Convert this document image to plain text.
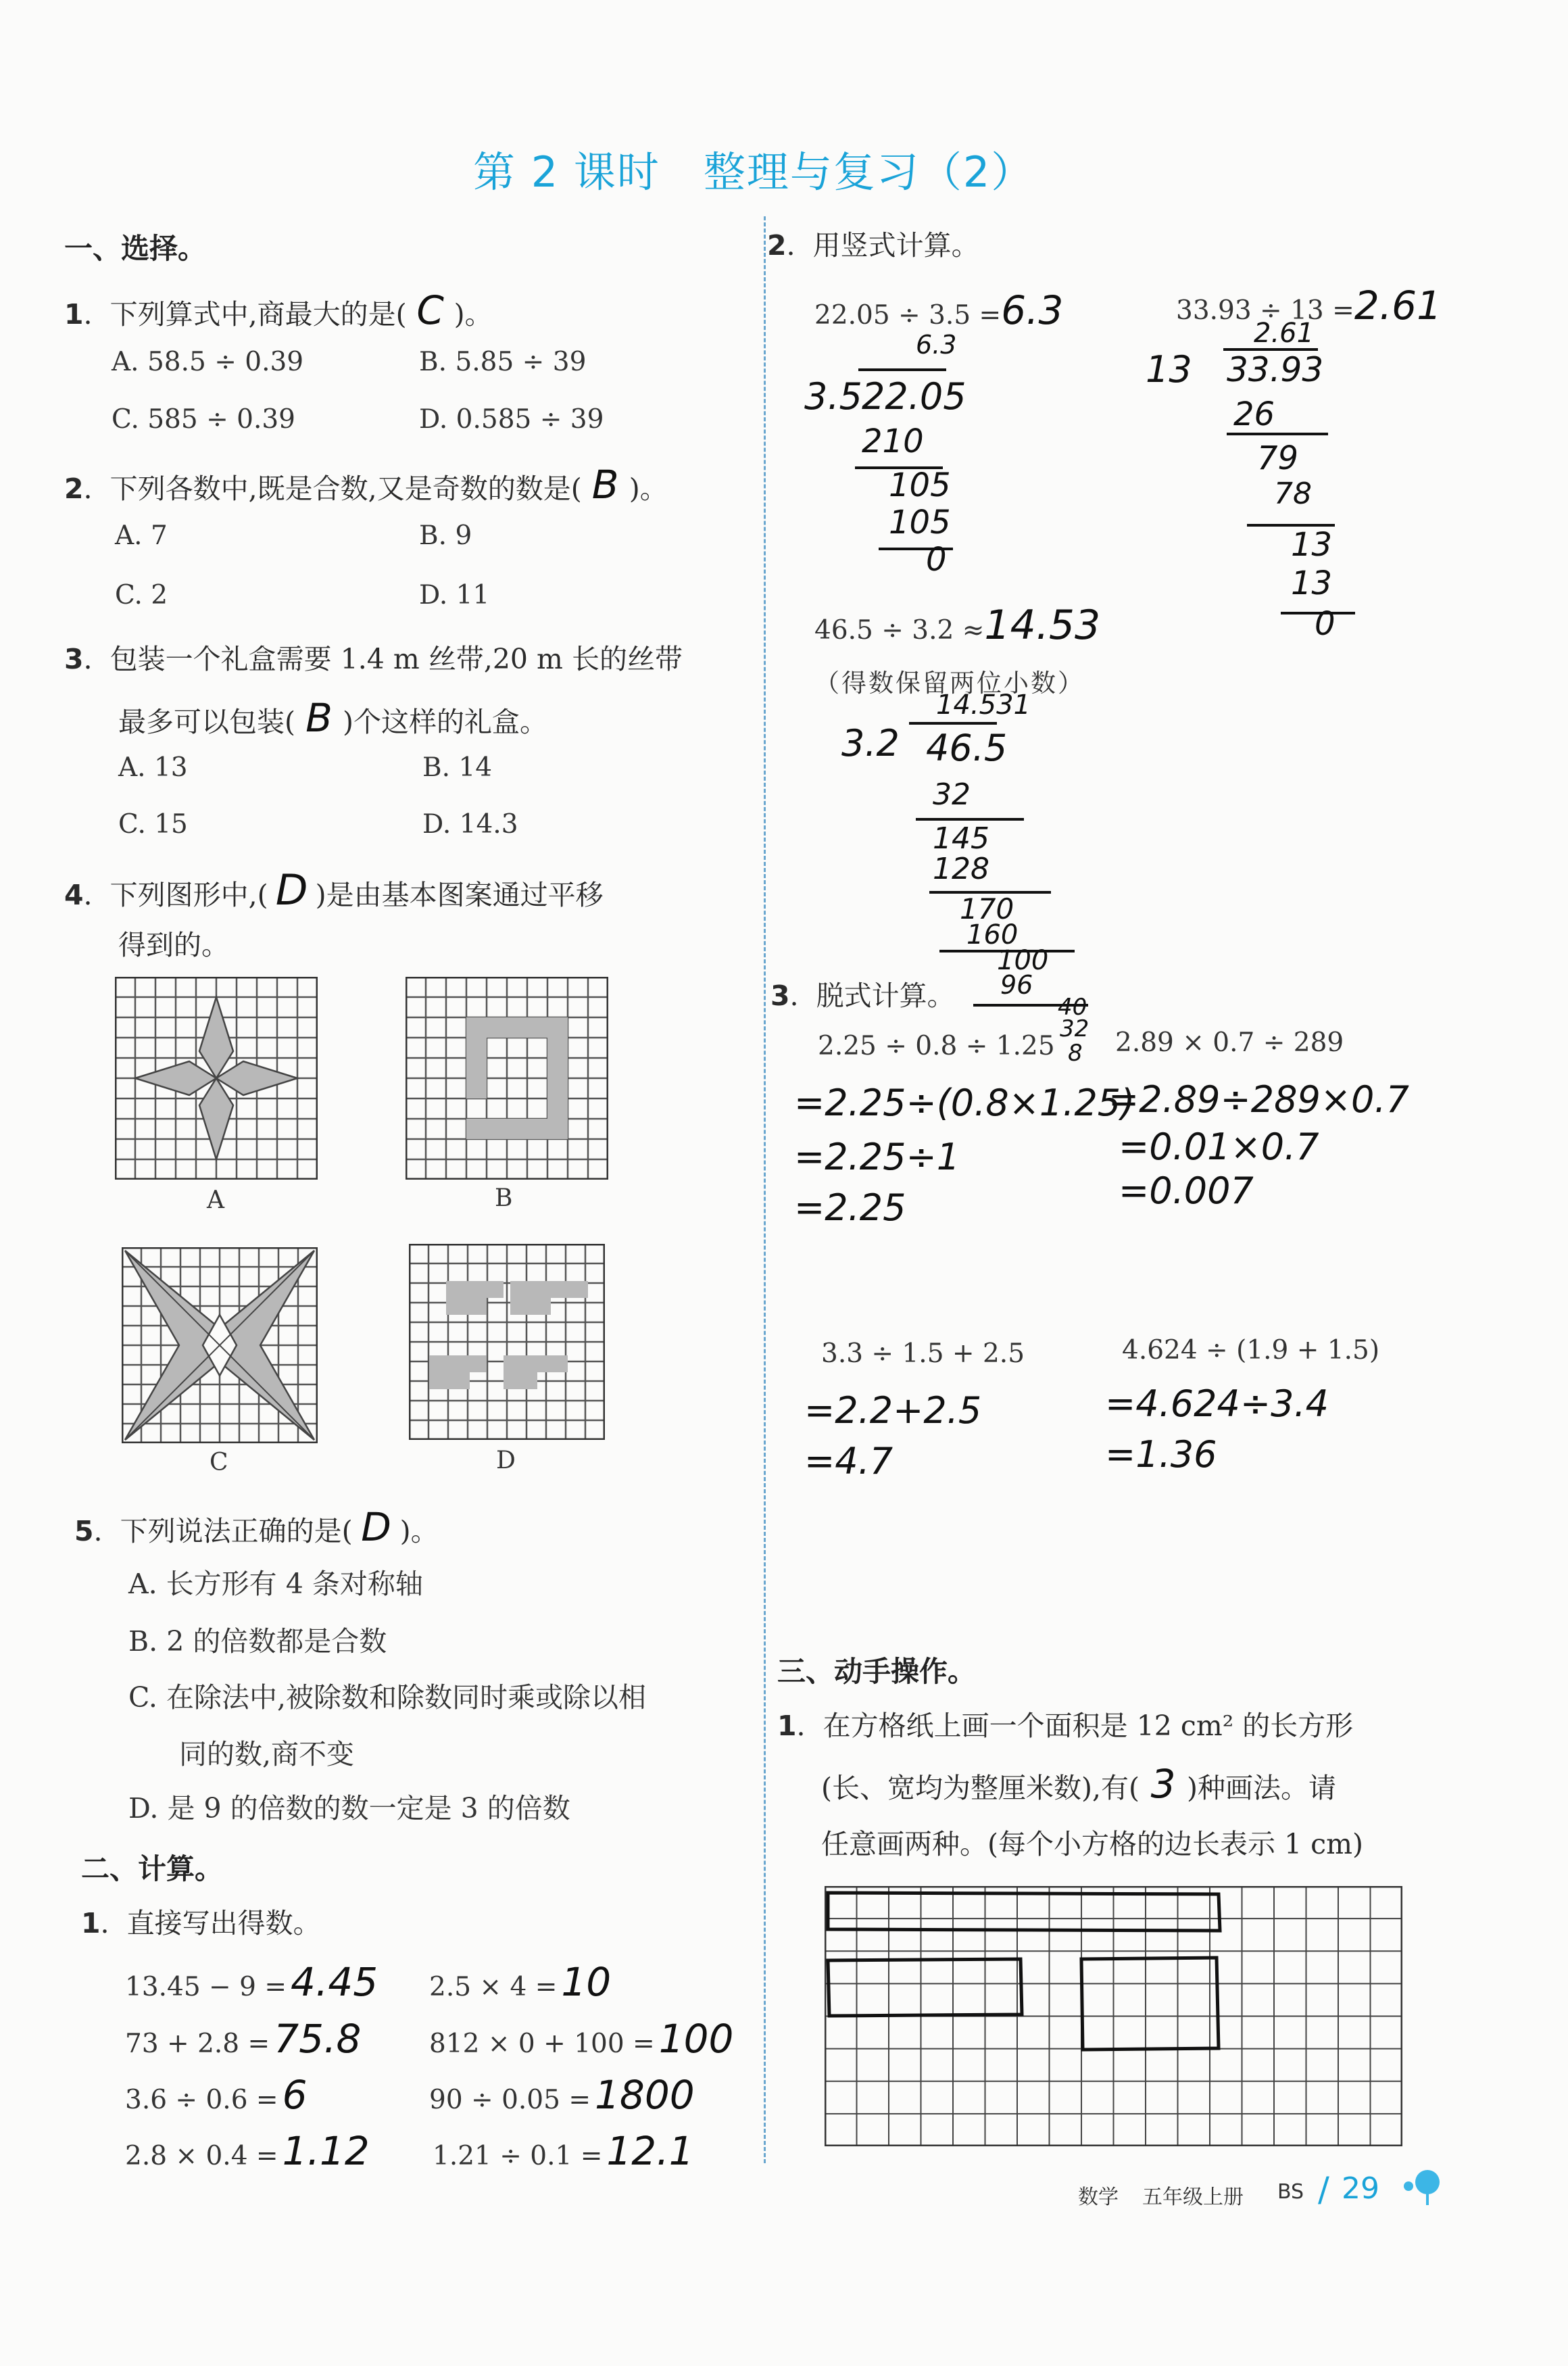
第 2 课时　整理与复习（2）
一、选择。
1.  下列算式中,商最大的是( C )。
A. 58.5 ÷ 0.39	B. 5.85 ÷ 39
C. 585 ÷ 0.39	D. 0.585 ÷ 39
2.  下列各数中,既是合数,又是奇数的数是( B )。
A. 7	B. 9
C. 2	D. 11
3.  包装一个礼盒需要 1.4 m 丝带,20 m 长的丝带
最多可以包装( B )个这样的礼盒。
A. 13	B. 14
C. 15	D. 14.3
4.  下列图形中,( D )是由基本图案通过平移
得到的。
A	B
C	D
5.  下列说法正确的是( D )。
A. 长方形有 4 条对称轴
B. 2 的倍数都是合数
C. 在除法中,被除数和除数同时乘或除以相
同的数,商不变
D. 是 9 的倍数的数一定是 3 的倍数
二、计算。
1.  直接写出得数。
13.45 − 9 = 4.45 2.5 × 4 = 10
73 + 2.8 = 75.8	812 × 0 + 100 = 100
3.6 ÷ 0.6 = 6	90 ÷ 0.05 = 1800
2.8 × 0.4 = 1.12 1.21 ÷ 0.1 = 12.1
2.  用竖式计算。
22.05 ÷ 3.5 =6.3	33.93 ÷ 13 =2.61
6.3
3.5 22.05
210
105
105
0
2.61
13 33.93
26
79
78
13
13
0
46.5 ÷ 3.2 ≈14.53
（得数保留两位小数）
14.531
3.2 46.5
32
145
128
170
160
100
96
40
32
8
3.  脱式计算。
2.25 ÷ 0.8 ÷ 1.25 2.89 × 0.7 ÷ 289
=2.25÷(0.8×1.25)
=2.25÷1
=2.25
=2.89÷289×0.7
=0.01×0.7
=0.007
3.3 ÷ 1.5 + 2.5	4.624 ÷ (1.9 + 1.5)
=2.2+2.5
=4.7
=4.624÷3.4
=1.36
三、动手操作。
1.  在方格纸上画一个面积是 12 cm² 的长方形
(长、宽均为整厘米数),有( 3 )种画法。请
任意画两种。(每个小方格的边长表示 1 cm)
数学 五年级上册 BS / 29
